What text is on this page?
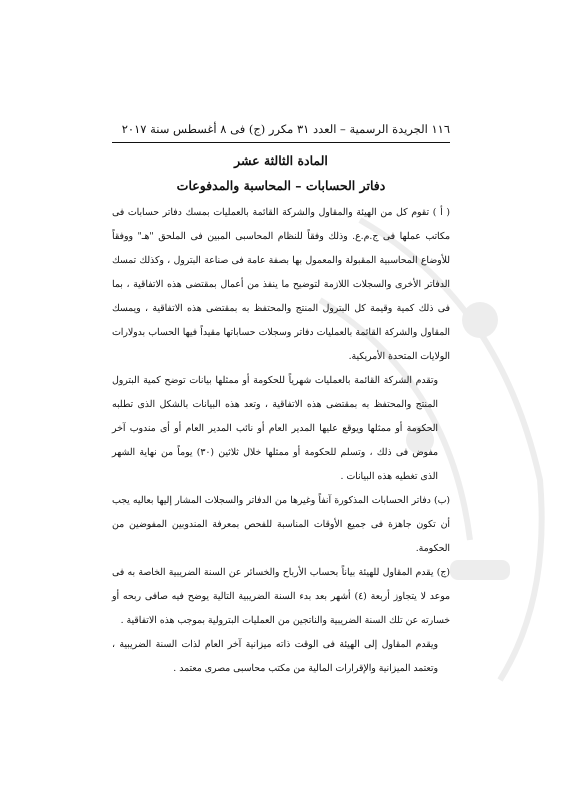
١١٦ الجريدة الرسمية – العدد ٣١ مكرر (ج) فى ٨ أغسطس سنة ٢٠١٧
المادة الثالثة عشر
دفاتر الحسابات – المحاسبة والمدفوعات

( أ ) تقوم كل من الهيئة والمقاول والشركة القائمة بالعمليات بمسك دفاتر حسابات فى مكاتب عملها فى ج.م.ع. وذلك وفقاً للنظام المحاسبى المبين فى الملحق "هـ" ووفقاً للأوضاع المحاسبية المقبولة والمعمول بها بصفة عامة فى صناعة البترول ، وكذلك تمسك الدفاتر الأخرى والسجلات اللازمة لتوضيح ما ينفذ من أعمال بمقتضى هذه الاتفاقية ، بما فى ذلك كمية وقيمة كل البترول المنتج والمحتفظ به بمقتضى هذه الاتفاقية ، ويمسك المقاول والشركة القائمة بالعمليات دفاتر وسجلات حساباتها مقيداً فيها الحساب بدولارات الولايات المتحدة الأمريكية.

وتقدم الشركة القائمة بالعمليات شهرياً للحكومة أو ممثلها بيانات توضح كمية البترول المنتج والمحتفظ به بمقتضى هذه الاتفاقية ، وتعد هذه البيانات بالشكل الذى تطلبه الحكومة أو ممثلها ويوقع عليها المدير العام أو نائب المدير العام أو أى مندوب آخر مفوض فى ذلك ، وتسلم للحكومة أو ممثلها خلال ثلاثين (٣٠) يوماً من نهاية الشهر الذى تغطيه هذه البيانات .

(ب) دفاتر الحسابات المذكورة آنفاً وغيرها من الدفاتر والسجلات المشار إليها بعاليه يجب أن تكون جاهزة فى جميع الأوقات المناسبة للفحص بمعرفة المندوبين المفوضين من الحكومة.

(ج) يقدم المقاول للهيئة بياناً بحساب الأرباح والخسائر عن السنة الضريبية الخاصة به فى موعد لا يتجاوز أربعة (٤) أشهر بعد بدء السنة الضريبية التالية يوضح فيه صافى ربحه أو خسارته عن تلك السنة الضريبية والناتجين من العمليات البترولية بموجب هذه الاتفاقية .

ويقدم المقاول إلى الهيئة فى الوقت ذاته ميزانية آخر العام لذات السنة الضريبية ، وتعتمد الميزانية والإقرارات المالية من مكتب محاسبى مصرى معتمد .
